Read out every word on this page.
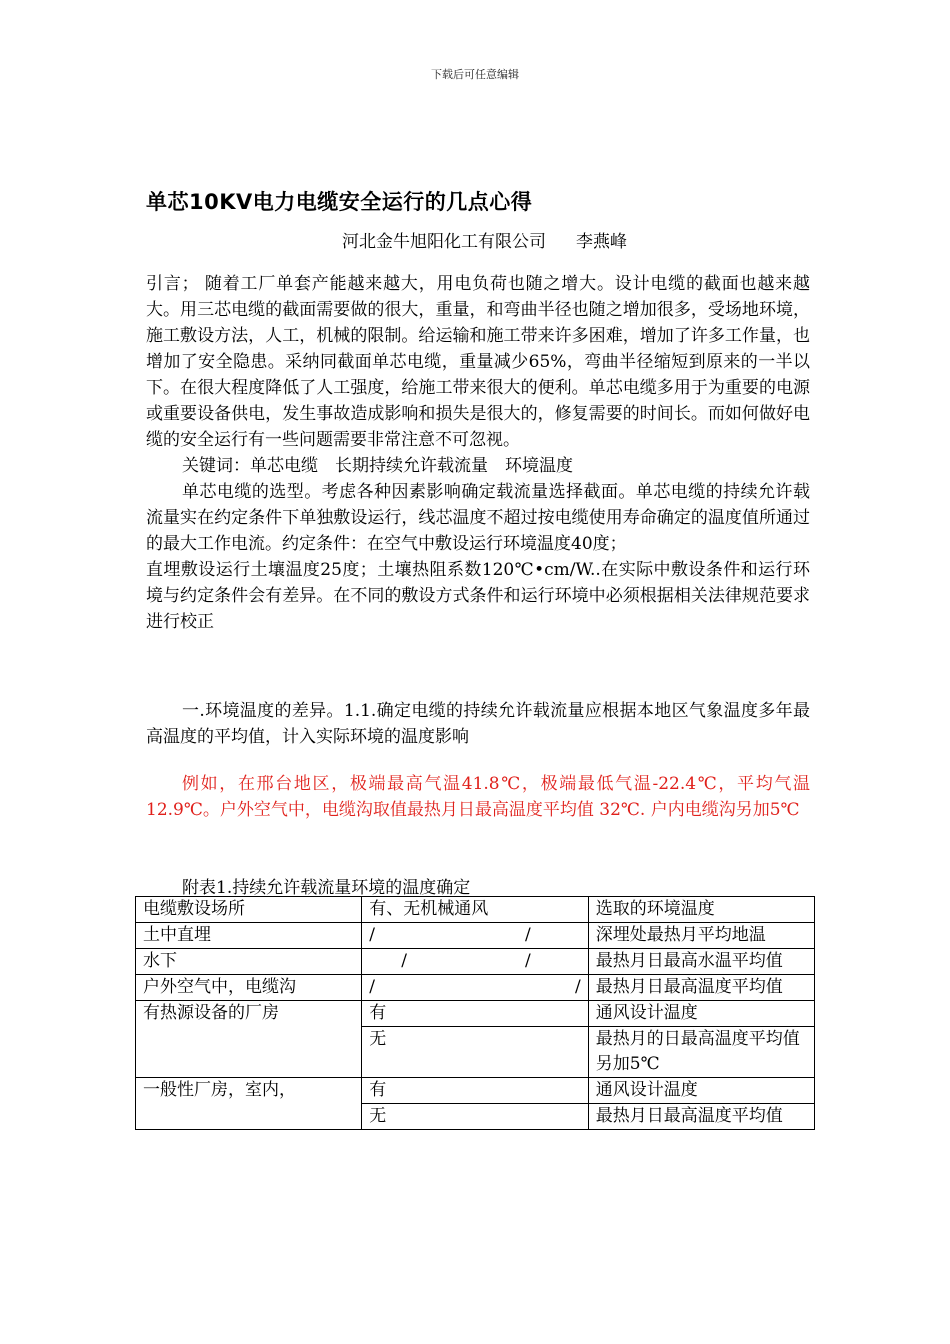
下载后可任意编辑
单芯10KV电力电缆安全运行的几点心得
河北金牛旭阳化工有限公司 李燕峰

引言； 随着工厂单套产能越来越大，用电负荷也随之增大。设计电缆的截面也越来越大。用三芯电缆的截面需要做的很大，重量，和弯曲半径也随之增加很多，受场地环境，施工敷设方法，人工，机械的限制。给运输和施工带来许多困难，增加了许多工作量，也增加了安全隐患。采纳同截面单芯电缆，重量减少65%，弯曲半径缩短到原来的一半以下。在很大程度降低了人工强度，给施工带来很大的便利。单芯电缆多用于为重要的电源或重要设备供电，发生事故造成影响和损失是很大的，修复需要的时间长。而如何做好电缆的安全运行有一些问题需要非常注意不可忽视。

关键词：单芯电缆　长期持续允许载流量　环境温度

单芯电缆的选型。考虑各种因素影响确定载流量选择截面。单芯电缆的持续允许载流量实在约定条件下单独敷设运行，线芯温度不超过按电缆使用寿命确定的温度值所通过的最大工作电流。约定条件：在空气中敷设运行环境温度40度；

直埋敷设运行土壤温度25度；土壤热阻系数120℃•cm/W..在实际中敷设条件和运行环境与约定条件会有差异。在不同的敷设方式条件和运行环境中必须根据相关法律规范要求进行校正

一.环境温度的差异。1.1.确定电缆的持续允许载流量应根据本地区气象温度多年最高温度的平均值，计入实际环境的温度影响

例如，在邢台地区，极端最高气温41.8℃，极端最低气温-22.4℃，平均气温12.9℃。户外空气中，电缆沟取值最热月日最高温度平均值 32℃. 户内电缆沟另加5℃

附表1.持续允许载流量环境的温度确定
电缆敷设场所	有、无机械通风	选取的环境温度
土中直埋	/ /	深埋处最热月平均地温
水下	/ /	最热月日最高水温平均值
户外空气中，电缆沟	/ /	最热月日最高温度平均值
有热源设备的厂房	有	通风设计温度
	无	最热月的日最高温度平均值另加5℃
一般性厂房，室内，	有	通风设计温度
	无	最热月日最高温度平均值
